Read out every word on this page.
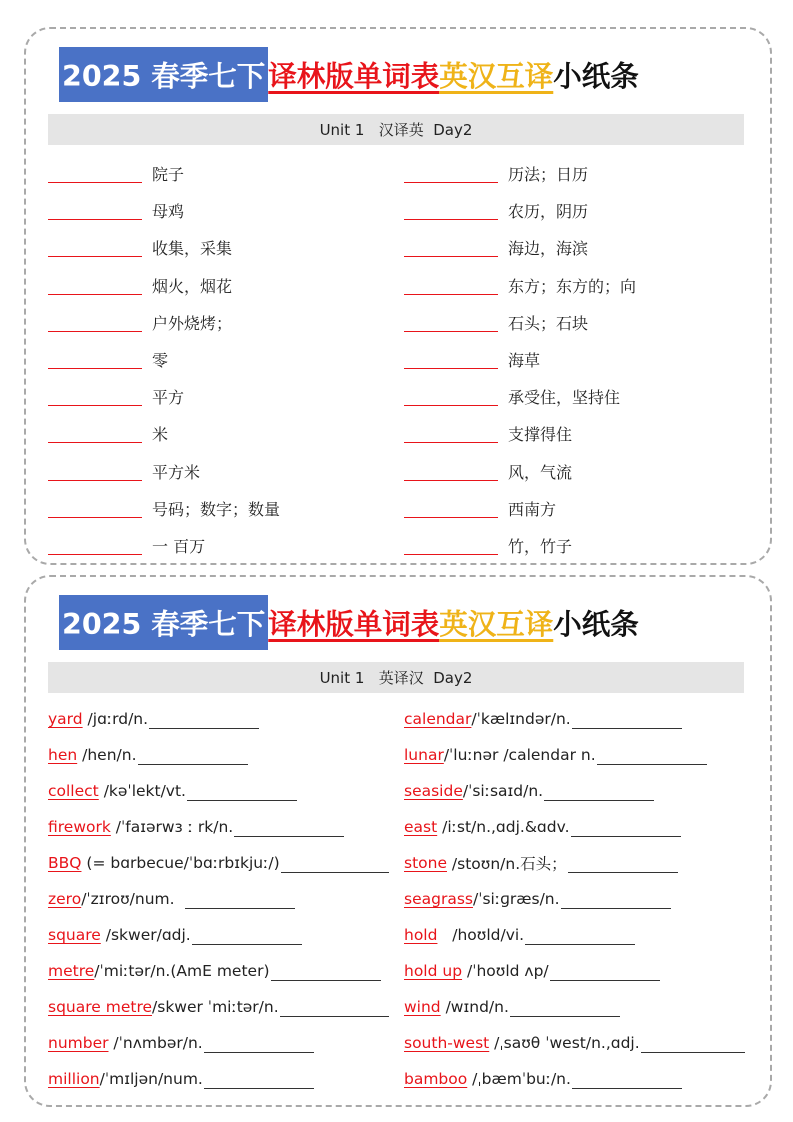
2025 春季七下 译林版单词表 英汉互译 小纸条
Unit 1   汉译英  Day2
院子
母鸡
收集，采集
烟火，烟花
户外烧烤；
零
平方
米
平方米
号码；数字；数量
一 百万
历法；日历
农历，阴历
海边，海滨
东方；东方的；向
石头；石块
海草
承受住，坚持住
支撑得住
风，气流
西南方
竹，竹子
2025 春季七下 译林版单词表 英汉互译 小纸条
Unit 1   英译汉  Day2
yard /jɑːrd/n.
hen /hen/n.
collect /kəˈlekt/vt.
firework /ˈfaɪərwɜ ː rk/n.
BBQ (= bɑrbecue/ˈbɑːrbɪkjuː/)
zero /ˈzɪroʊ/num.
square /skwer/ɑdj.
metre /ˈmiːtər/n.(AmE meter)
square metre /skwer ˈmiːtər/n.
number /ˈnʌmbər/n.
million /ˈmɪljən/num.
calendar /ˈkælɪndər/n.
lunar /ˈluːnər /calendar n.
seaside /ˈsiːsaɪd/n.
east /iːst/n.,ɑdj.&ɑdv.
stone /stoʊn/n.石头；
seagrass /ˈsiːɡræs/n.
hold /hoʊld/vi.
hold up /ˈhoʊld ʌp/
wind /wɪnd/n.
south-west /ˌsaʊθ ˈwest/n.,ɑdj.
bamboo /ˌbæmˈbuː/n.
